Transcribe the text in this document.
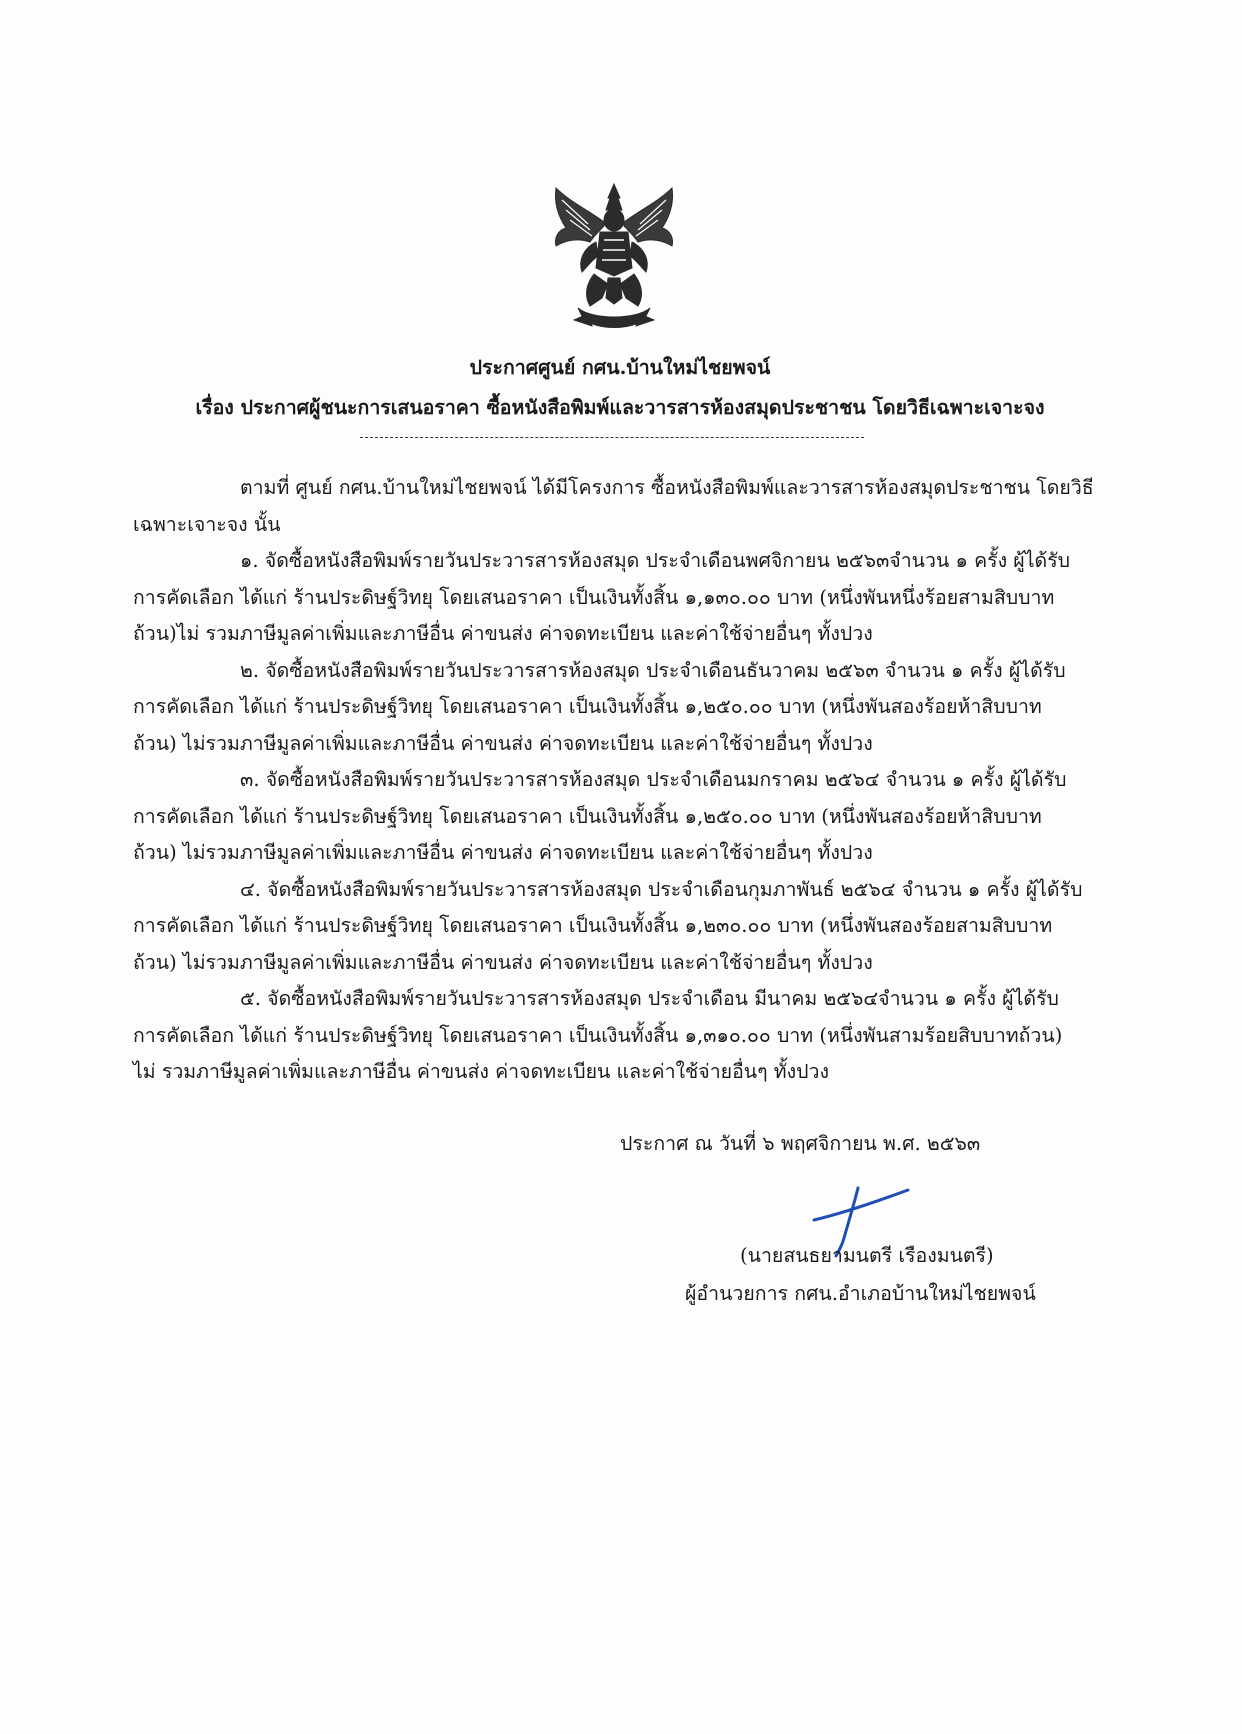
ประกาศศูนย์ กศน.บ้านใหม่ไชยพจน์
เรื่อง ประกาศผู้ชนะการเสนอราคา ซื้อหนังสือพิมพ์และวารสารห้องสมุดประชาชน โดยวิธีเฉพาะเจาะจง
ตามที่ ศูนย์ กศน.บ้านใหม่ไชยพจน์ ได้มีโครงการ ซื้อหนังสือพิมพ์และวารสารห้องสมุดประชาชน โดยวิธี
เฉพาะเจาะจง นั้น
๑. จัดซื้อหนังสือพิมพ์รายวันประวารสารห้องสมุด ประจำเดือนพศจิกายน ๒๕๖๓จำนวน ๑ ครั้ง ผู้ได้รับ
การคัดเลือก ได้แก่ ร้านประดิษฐ์วิทยุ โดยเสนอราคา เป็นเงินทั้งสิ้น ๑,๑๓๐.๐๐ บาท (หนึ่งพันหนึ่งร้อยสามสิบบาท
ถ้วน)ไม่ รวมภาษีมูลค่าเพิ่มและภาษีอื่น ค่าขนส่ง ค่าจดทะเบียน และค่าใช้จ่ายอื่นๆ ทั้งปวง
๒. จัดซื้อหนังสือพิมพ์รายวันประวารสารห้องสมุด ประจำเดือนธันวาคม ๒๕๖๓ จำนวน ๑ ครั้ง ผู้ได้รับ
การคัดเลือก ได้แก่ ร้านประดิษฐ์วิทยุ โดยเสนอราคา เป็นเงินทั้งสิ้น ๑,๒๕๐.๐๐ บาท (หนึ่งพันสองร้อยห้าสิบบาท
ถ้วน) ไม่รวมภาษีมูลค่าเพิ่มและภาษีอื่น ค่าขนส่ง ค่าจดทะเบียน และค่าใช้จ่ายอื่นๆ ทั้งปวง
๓. จัดซื้อหนังสือพิมพ์รายวันประวารสารห้องสมุด ประจำเดือนมกราคม ๒๕๖๔ จำนวน ๑ ครั้ง ผู้ได้รับ
การคัดเลือก ได้แก่ ร้านประดิษฐ์วิทยุ โดยเสนอราคา เป็นเงินทั้งสิ้น ๑,๒๕๐.๐๐ บาท (หนึ่งพันสองร้อยห้าสิบบาท
ถ้วน) ไม่รวมภาษีมูลค่าเพิ่มและภาษีอื่น ค่าขนส่ง ค่าจดทะเบียน และค่าใช้จ่ายอื่นๆ ทั้งปวง
๔. จัดซื้อหนังสือพิมพ์รายวันประวารสารห้องสมุด ประจำเดือนกุมภาพันธ์ ๒๕๖๔ จำนวน ๑ ครั้ง ผู้ได้รับ
การคัดเลือก ได้แก่ ร้านประดิษฐ์วิทยุ โดยเสนอราคา เป็นเงินทั้งสิ้น ๑,๒๓๐.๐๐ บาท (หนึ่งพันสองร้อยสามสิบบาท
ถ้วน) ไม่รวมภาษีมูลค่าเพิ่มและภาษีอื่น ค่าขนส่ง ค่าจดทะเบียน และค่าใช้จ่ายอื่นๆ ทั้งปวง
๕. จัดซื้อหนังสือพิมพ์รายวันประวารสารห้องสมุด ประจำเดือน มีนาคม ๒๕๖๔จำนวน ๑ ครั้ง ผู้ได้รับ
การคัดเลือก ได้แก่ ร้านประดิษฐ์วิทยุ โดยเสนอราคา เป็นเงินทั้งสิ้น ๑,๓๑๐.๐๐ บาท (หนึ่งพันสามร้อยสิบบาทถ้วน)
ไม่ รวมภาษีมูลค่าเพิ่มและภาษีอื่น ค่าขนส่ง ค่าจดทะเบียน และค่าใช้จ่ายอื่นๆ ทั้งปวง
ประกาศ ณ วันที่ ๖ พฤศจิกายน พ.ศ. ๒๕๖๓
(นายสนธยามนตรี เรืองมนตรี)
ผู้อำนวยการ กศน.อำเภอบ้านใหม่ไชยพจน์
